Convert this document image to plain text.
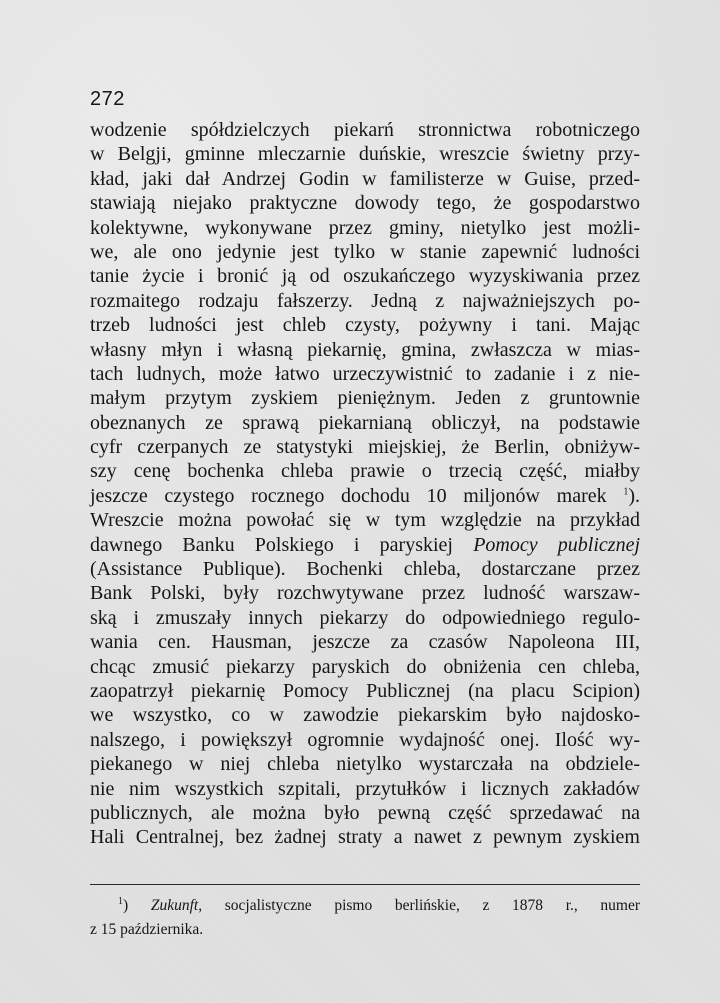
272
wodzenie spółdzielczych piekarń stronnictwa robotniczego
w Belgji, gminne mleczarnie duńskie, wreszcie świetny przy-
kład, jaki dał Andrzej Godin w familisterze w Guise, przed-
stawiają niejako praktyczne dowody tego, że gospodarstwo
kolektywne, wykonywane przez gminy, nietylko jest możli-
we, ale ono jedynie jest tylko w stanie zapewnić ludności
tanie życie i bronić ją od oszukańczego wyzyskiwania przez
rozmaitego rodzaju fałszerzy. Jedną z najważniejszych po-
trzeb ludności jest chleb czysty, pożywny i tani. Mając
własny młyn i własną piekarnię, gmina, zwłaszcza w mias-
tach ludnych, może łatwo urzeczywistnić to zadanie i z nie-
małym przytym zyskiem pieniężnym. Jeden z gruntownie
obeznanych ze sprawą piekarnianą obliczył, na podstawie
cyfr czerpanych ze statystyki miejskiej, że Berlin, obniżyw-
szy cenę bochenka chleba prawie o trzecią część, miałby
jeszcze czystego rocznego dochodu 10 miljonów marek $^1$).
Wreszcie można powołać się w tym względzie na przykład
dawnego Banku Polskiego i paryskiej Pomocy publicznej
(Assistance Publique). Bochenki chleba, dostarczane przez
Bank Polski, były rozchwytywane przez ludność warszaw-
ską i zmuszały innych piekarzy do odpowiedniego regulo-
wania cen. Hausman, jeszcze za czasów Napoleona III,
chcąc zmusić piekarzy paryskich do obniżenia cen chleba,
zaopatrzył piekarnię Pomocy Publicznej (na placu Scipion)
we wszystko, co w zawodzie piekarskim było najdosko-
nalszego, i powiększył ogromnie wydajność onej. Ilość wy-
piekanego w niej chleba nietylko wystarczała na obdziele-
nie nim wszystkich szpitali, przytułków i licznych zakładów
publicznych, ale można było pewną część sprzedawać na
Hali Centralnej, bez żadnej straty a nawet z pewnym zyskiem
$^1$) Zukunft, socjalistyczne pismo berlińskie, z 1878 r., numer
z 15 października.
